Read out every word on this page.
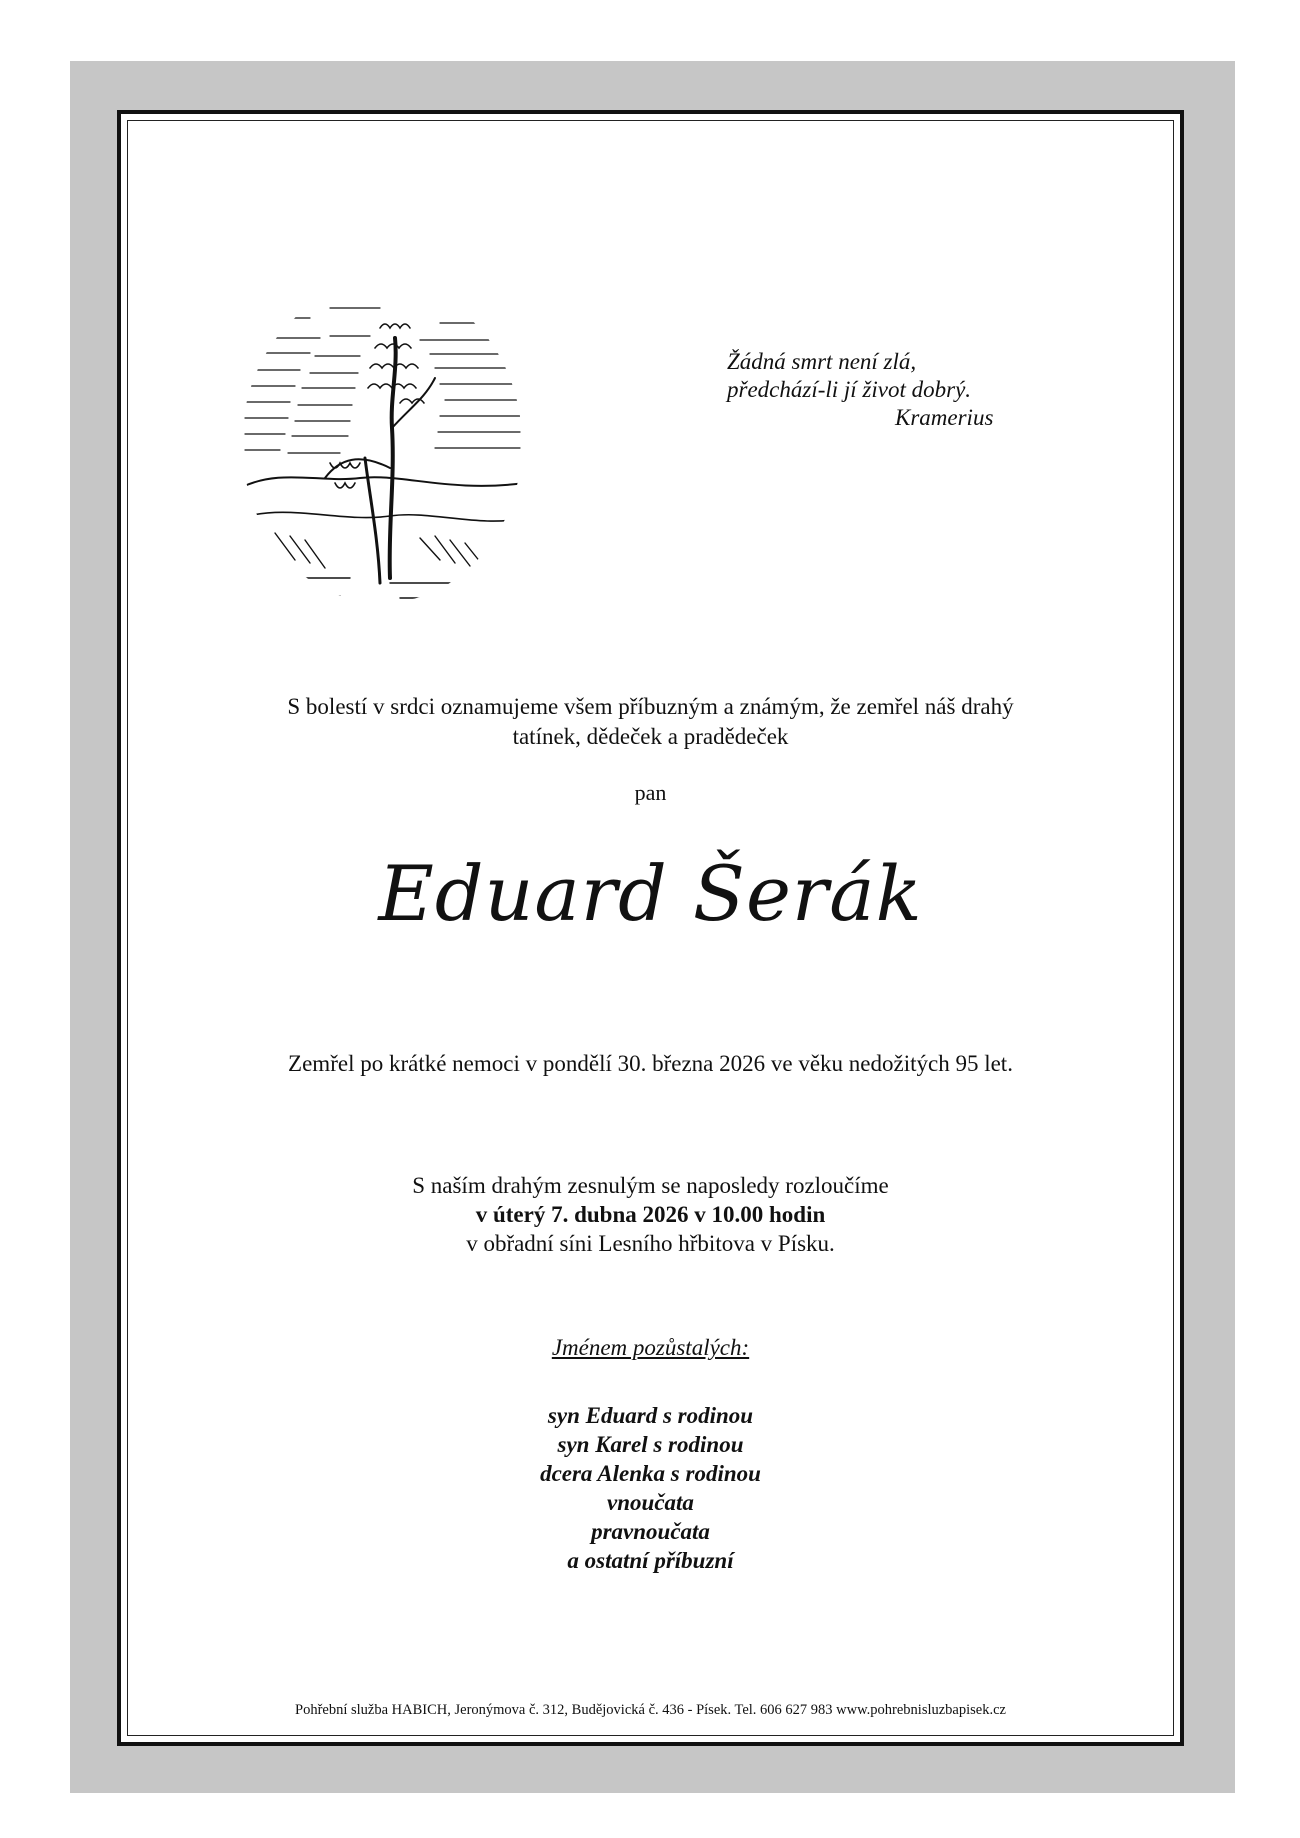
Žádná smrt není zlá,
předchází-li jí život dobrý.
Kramerius
S bolestí v srdci oznamujeme všem příbuzným a známým, že zemřel náš drahý
tatínek, dědeček a pradědeček
pan
Eduard Šerák
Zemřel po krátké nemoci v pondělí 30. března 2026 ve věku nedožitých 95 let.
S naším drahým zesnulým se naposledy rozloučíme
v úterý 7. dubna 2026 v 10.00 hodin
v obřadní síni Lesního hřbitova v Písku.
Jménem pozůstalých:
syn Eduard s rodinou
syn Karel s rodinou
dcera Alenka s rodinou
vnoučata
pravnoučata
a ostatní příbuzní
Pohřební služba HABICH, Jeronýmova č. 312, Budějovická č. 436 - Písek. Tel. 606 627 983 www.pohrebnisluzbapisek.cz
